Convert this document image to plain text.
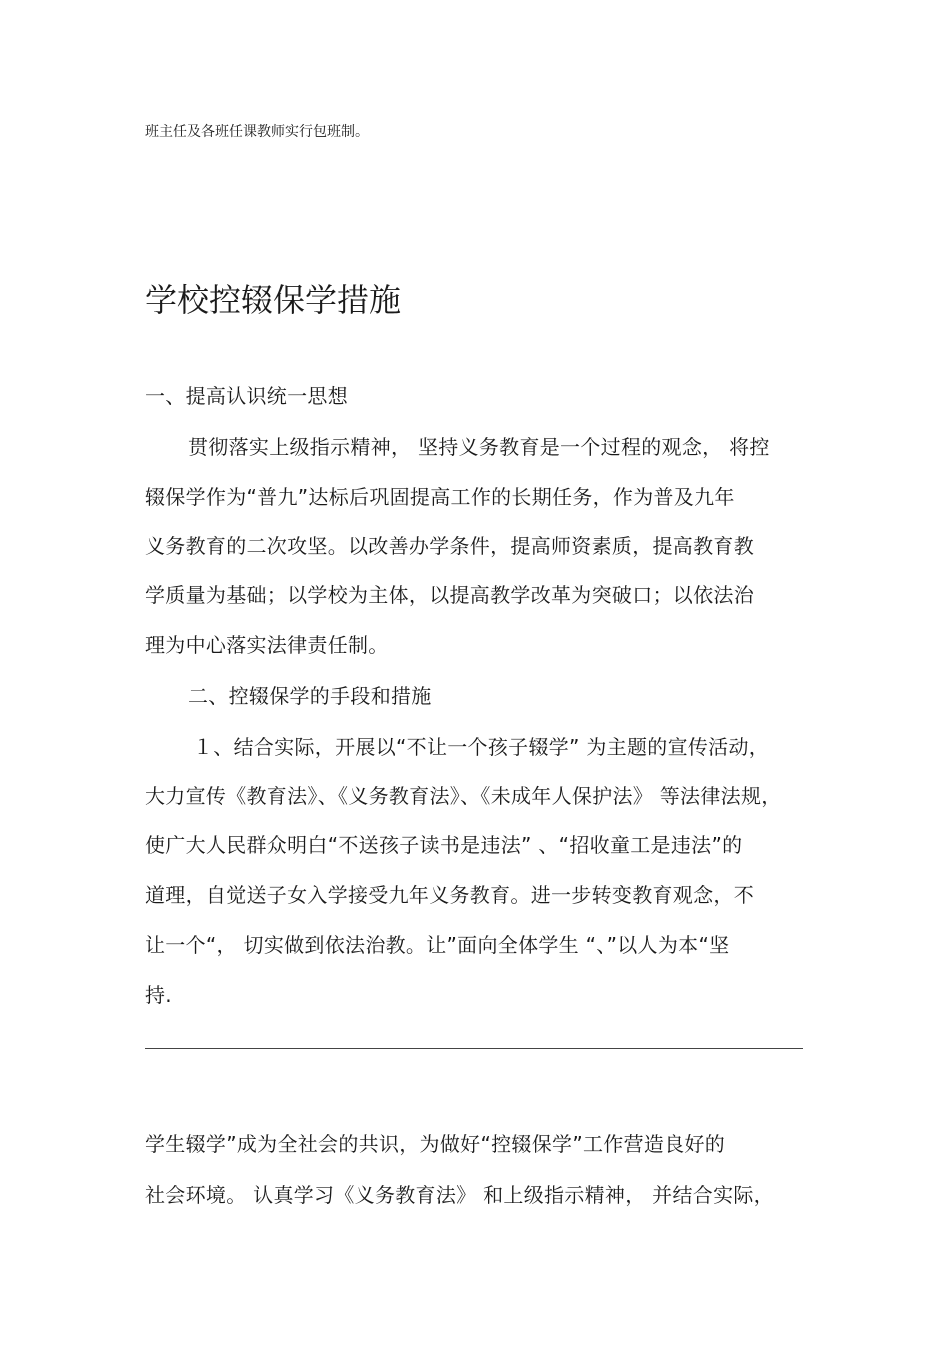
班主任及各班任课教师实行包班制。
学校控辍保学措施
一、提高认识统一思想
贯彻落实上级指示精神， 坚持义务教育是一个过程的观念， 将控
辍保学作为“普九”达标后巩固提高工作的长期任务，作为普及九年
义务教育的二次攻坚。以改善办学条件，提高师资素质，提高教育教
学质量为基础；以学校为主体，以提高教学改革为突破口；以依法治
理为中心落实法律责任制。
二、控辍保学的手段和措施
１、结合实际，开展以“不让一个孩子辍学” 为主题的宣传活动，
大力宣传《教育法》、《义务教育法》、《未成年人保护法》 等法律法规，
使广大人民群众明白“不送孩子读书是违法” 、“招收童工是违法”的
道理，自觉送子女入学接受九年义务教育。进一步转变教育观念，不
让一个“， 切实做到依法治教。让”面向全体学生 “、”以人为本“坚
持.
学生辍学”成为全社会的共识，为做好“控辍保学”工作营造良好的
社会环境。 认真学习《义务教育法》 和上级指示精神， 并结合实际，
